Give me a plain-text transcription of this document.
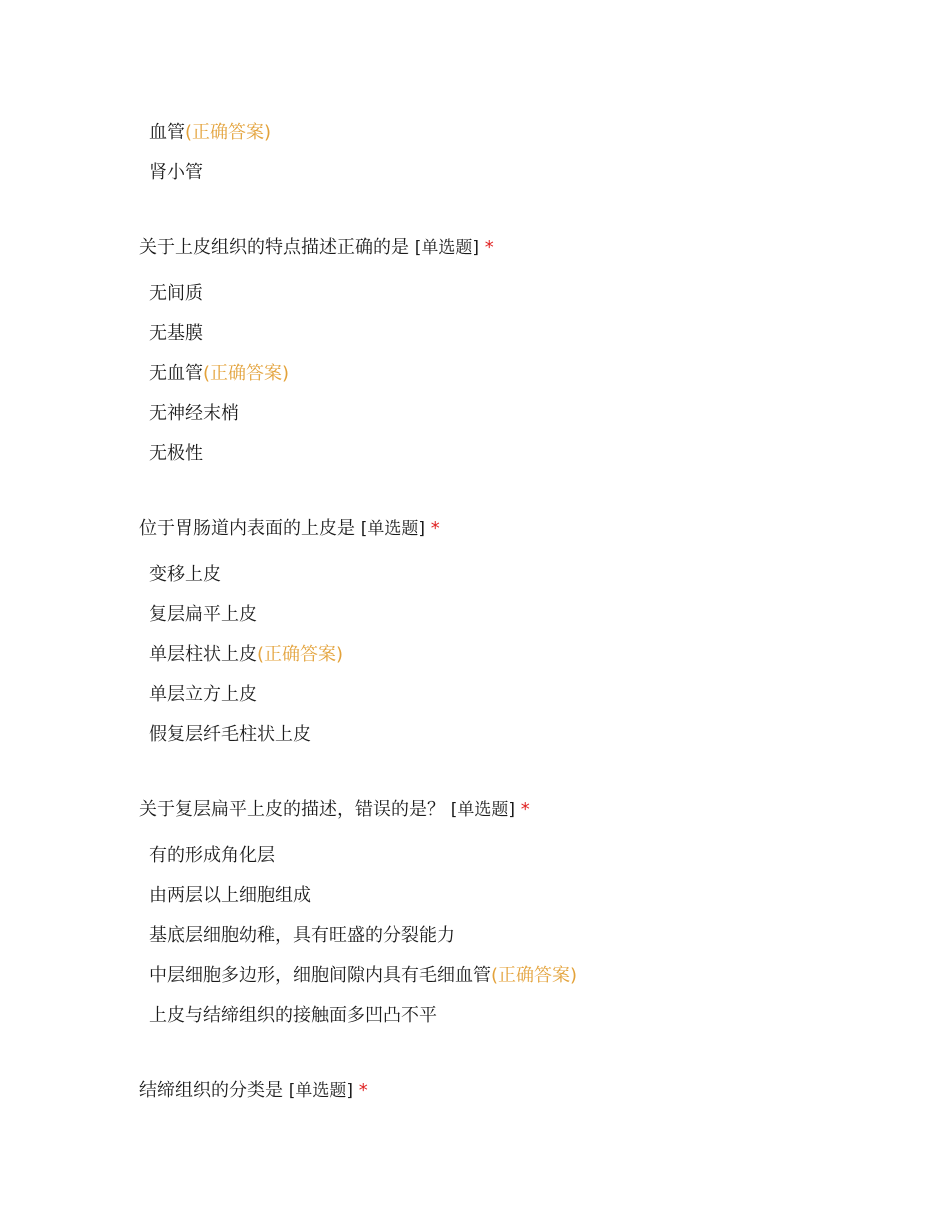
血管(正确答案)
肾小管
关于上皮组织的特点描述正确的是 [单选题] *
无间质
无基膜
无血管(正确答案)
无神经末梢
无极性
位于胃肠道内表面的上皮是 [单选题] *
变移上皮
复层扁平上皮
单层柱状上皮(正确答案)
单层立方上皮
假复层纤毛柱状上皮
关于复层扁平上皮的描述，错误的是？ [单选题] *
有的形成角化层
由两层以上细胞组成
基底层细胞幼稚，具有旺盛的分裂能力
中层细胞多边形，细胞间隙内具有毛细血管(正确答案)
上皮与结缔组织的接触面多凹凸不平
结缔组织的分类是 [单选题] *
